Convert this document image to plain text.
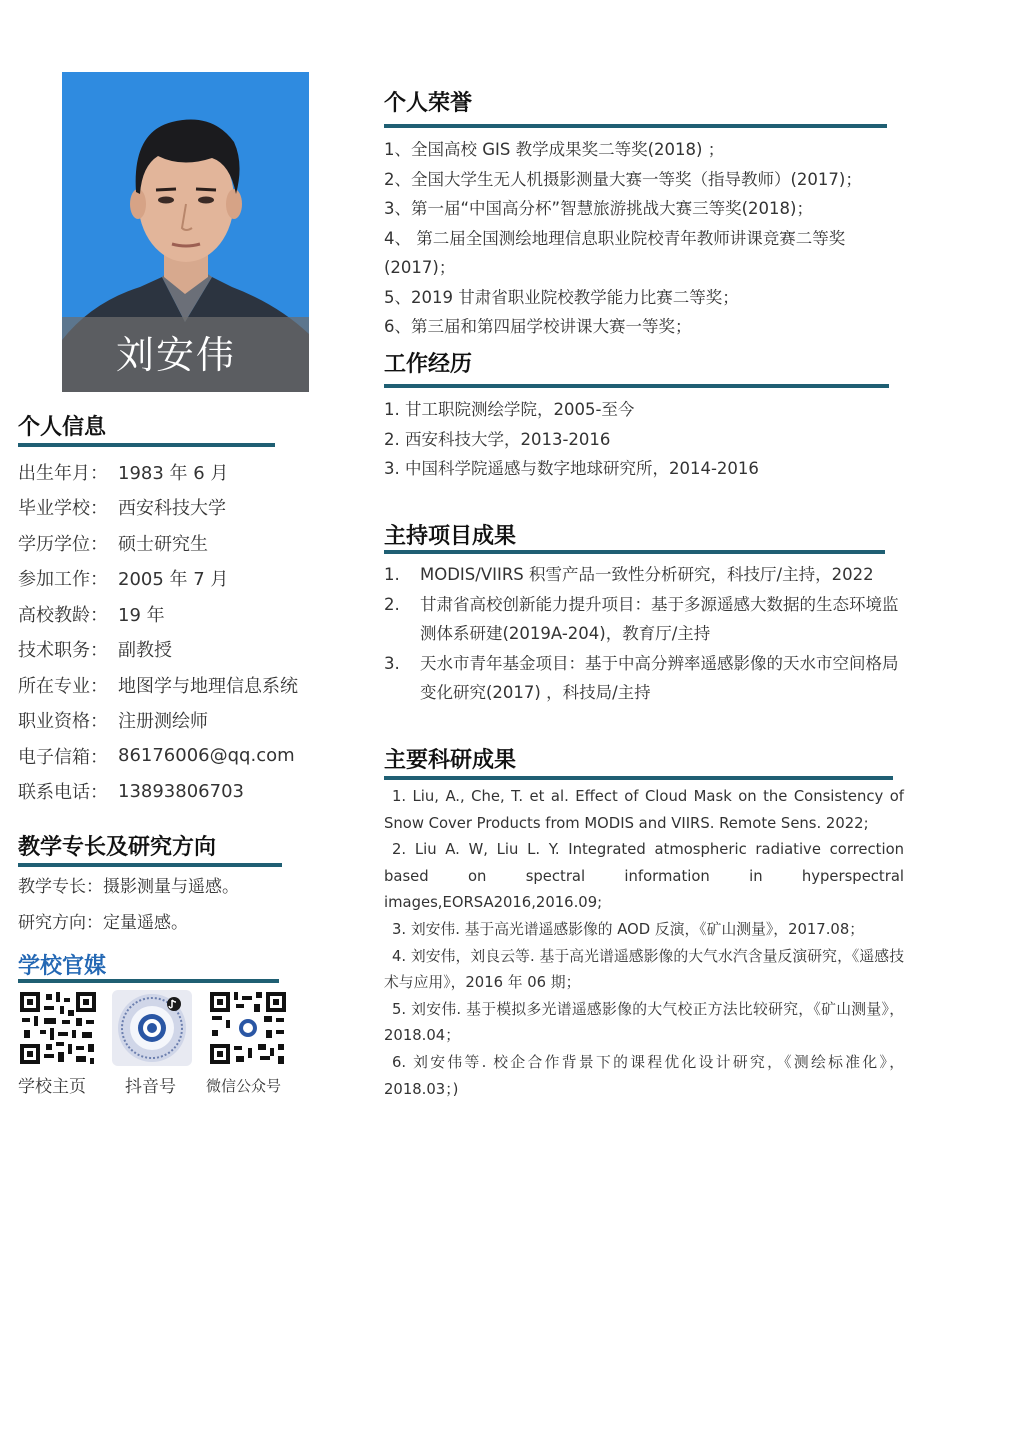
刘安伟
个人信息
出生年月： 1983 年 6 月
毕业学校： 西安科技大学
学历学位： 硕士研究生
参加工作： 2005 年 7 月
高校教龄： 19 年
技术职务： 副教授
所在专业： 地图学与地理信息系统
职业资格： 注册测绘师
电子信箱： 86176006@qq.com
联系电话： 13893806703
教学专长及研究方向
教学专长：摄影测量与遥感。
研究方向：定量遥感。
学校官媒
学校主页 抖音号 微信公众号
个人荣誉
1、全国高校 GIS 教学成果奖二等奖(2018) ；
2、全国大学生无人机摄影测量大赛一等奖（指导教师）(2017)；
3、第一届“中国高分杯”智慧旅游挑战大赛三等奖(2018)；
4、 第二届全国测绘地理信息职业院校青年教师讲课竞赛二等奖
(2017)；
5、2019 甘肃省职业院校教学能力比赛二等奖；
6、第三届和第四届学校讲课大赛一等奖；
工作经历
1. 甘工职院测绘学院，2005-至今
2. 西安科技大学，2013-2016
3. 中国科学院遥感与数字地球研究所，2014-2016
主持项目成果
1.	MODIS/VIIRS 积雪产品一致性分析研究，科技厅/主持，2022
2.	甘肃省高校创新能力提升项目：基于多源遥感大数据的生态环境监测体系研建(2019A-204)，教育厅/主持
3.	天水市青年基金项目：基于中高分辨率遥感影像的天水市空间格局变化研究(2017) ，科技局/主持
主要科研成果

1. Liu, A., Che, T. et al. Effect of Cloud Mask on the Consistency of Snow Cover Products from MODIS and VIIRS. Remote Sens. 2022;

2. Liu A. W, Liu L. Y. Integrated atmospheric radiative correction based on spectral information in hyperspectral images,EORSA2016,2016.09;

3. 刘安伟. 基于高光谱遥感影像的 AOD 反演，《矿山测量》，2017.08；

4. 刘安伟，刘良云等. 基于高光谱遥感影像的大气水汽含量反演研究，《遥感技术与应用》，2016 年 06 期；

5. 刘安伟. 基于模拟多光谱遥感影像的大气校正方法比较研究，《矿山测量》，2018.04；

6. 刘安伟等. 校企合作背景下的课程优化设计研究，《测绘标准化》，2018.03；)
